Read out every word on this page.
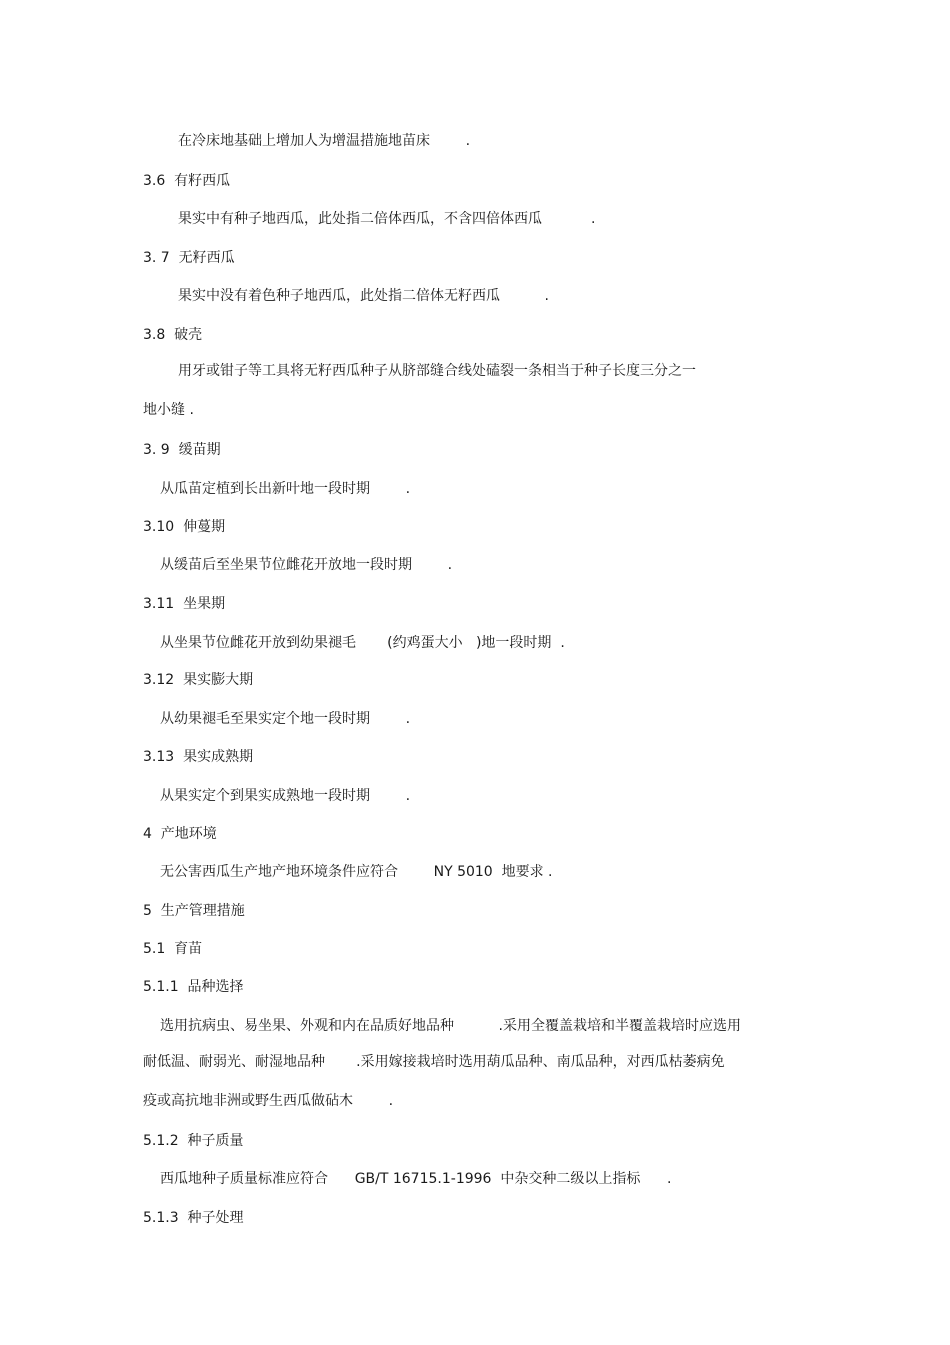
在冷床地基础上增加人为增温措施地苗床        .
3.6  有籽西瓜
果实中有种子地西瓜，此处指二倍体西瓜，不含四倍体西瓜           .
3. 7  无籽西瓜
果实中没有着色种子地西瓜，此处指二倍体无籽西瓜          .
3.8  破壳
用牙或钳子等工具将无籽西瓜种子从脐部缝合线处磕裂一条相当于种子长度三分之一
地小缝 .
3. 9  缓苗期
从瓜苗定植到长出新叶地一段时期        .
3.10  伸蔓期
从缓苗后至坐果节位雌花开放地一段时期        .
3.11  坐果期
从坐果节位雌花开放到幼果褪毛       (约鸡蛋大小   )地一段时期  .
3.12  果实膨大期
从幼果褪毛至果实定个地一段时期        .
3.13  果实成熟期
从果实定个到果实成熟地一段时期        .
4  产地环境
无公害西瓜生产地产地环境条件应符合        NY 5010  地要求 .
5  生产管理措施
5.1  育苗
5.1.1  品种选择
选用抗病虫、易坐果、外观和内在品质好地品种          .采用全覆盖栽培和半覆盖栽培时应选用
耐低温、耐弱光、耐湿地品种       .采用嫁接栽培时选用葫瓜品种、南瓜品种，对西瓜枯萎病免
疫或高抗地非洲或野生西瓜做砧木        .
5.1.2  种子质量
西瓜地种子质量标准应符合      GB/T 16715.1-1996  中杂交种二级以上指标      .
5.1.3  种子处理
